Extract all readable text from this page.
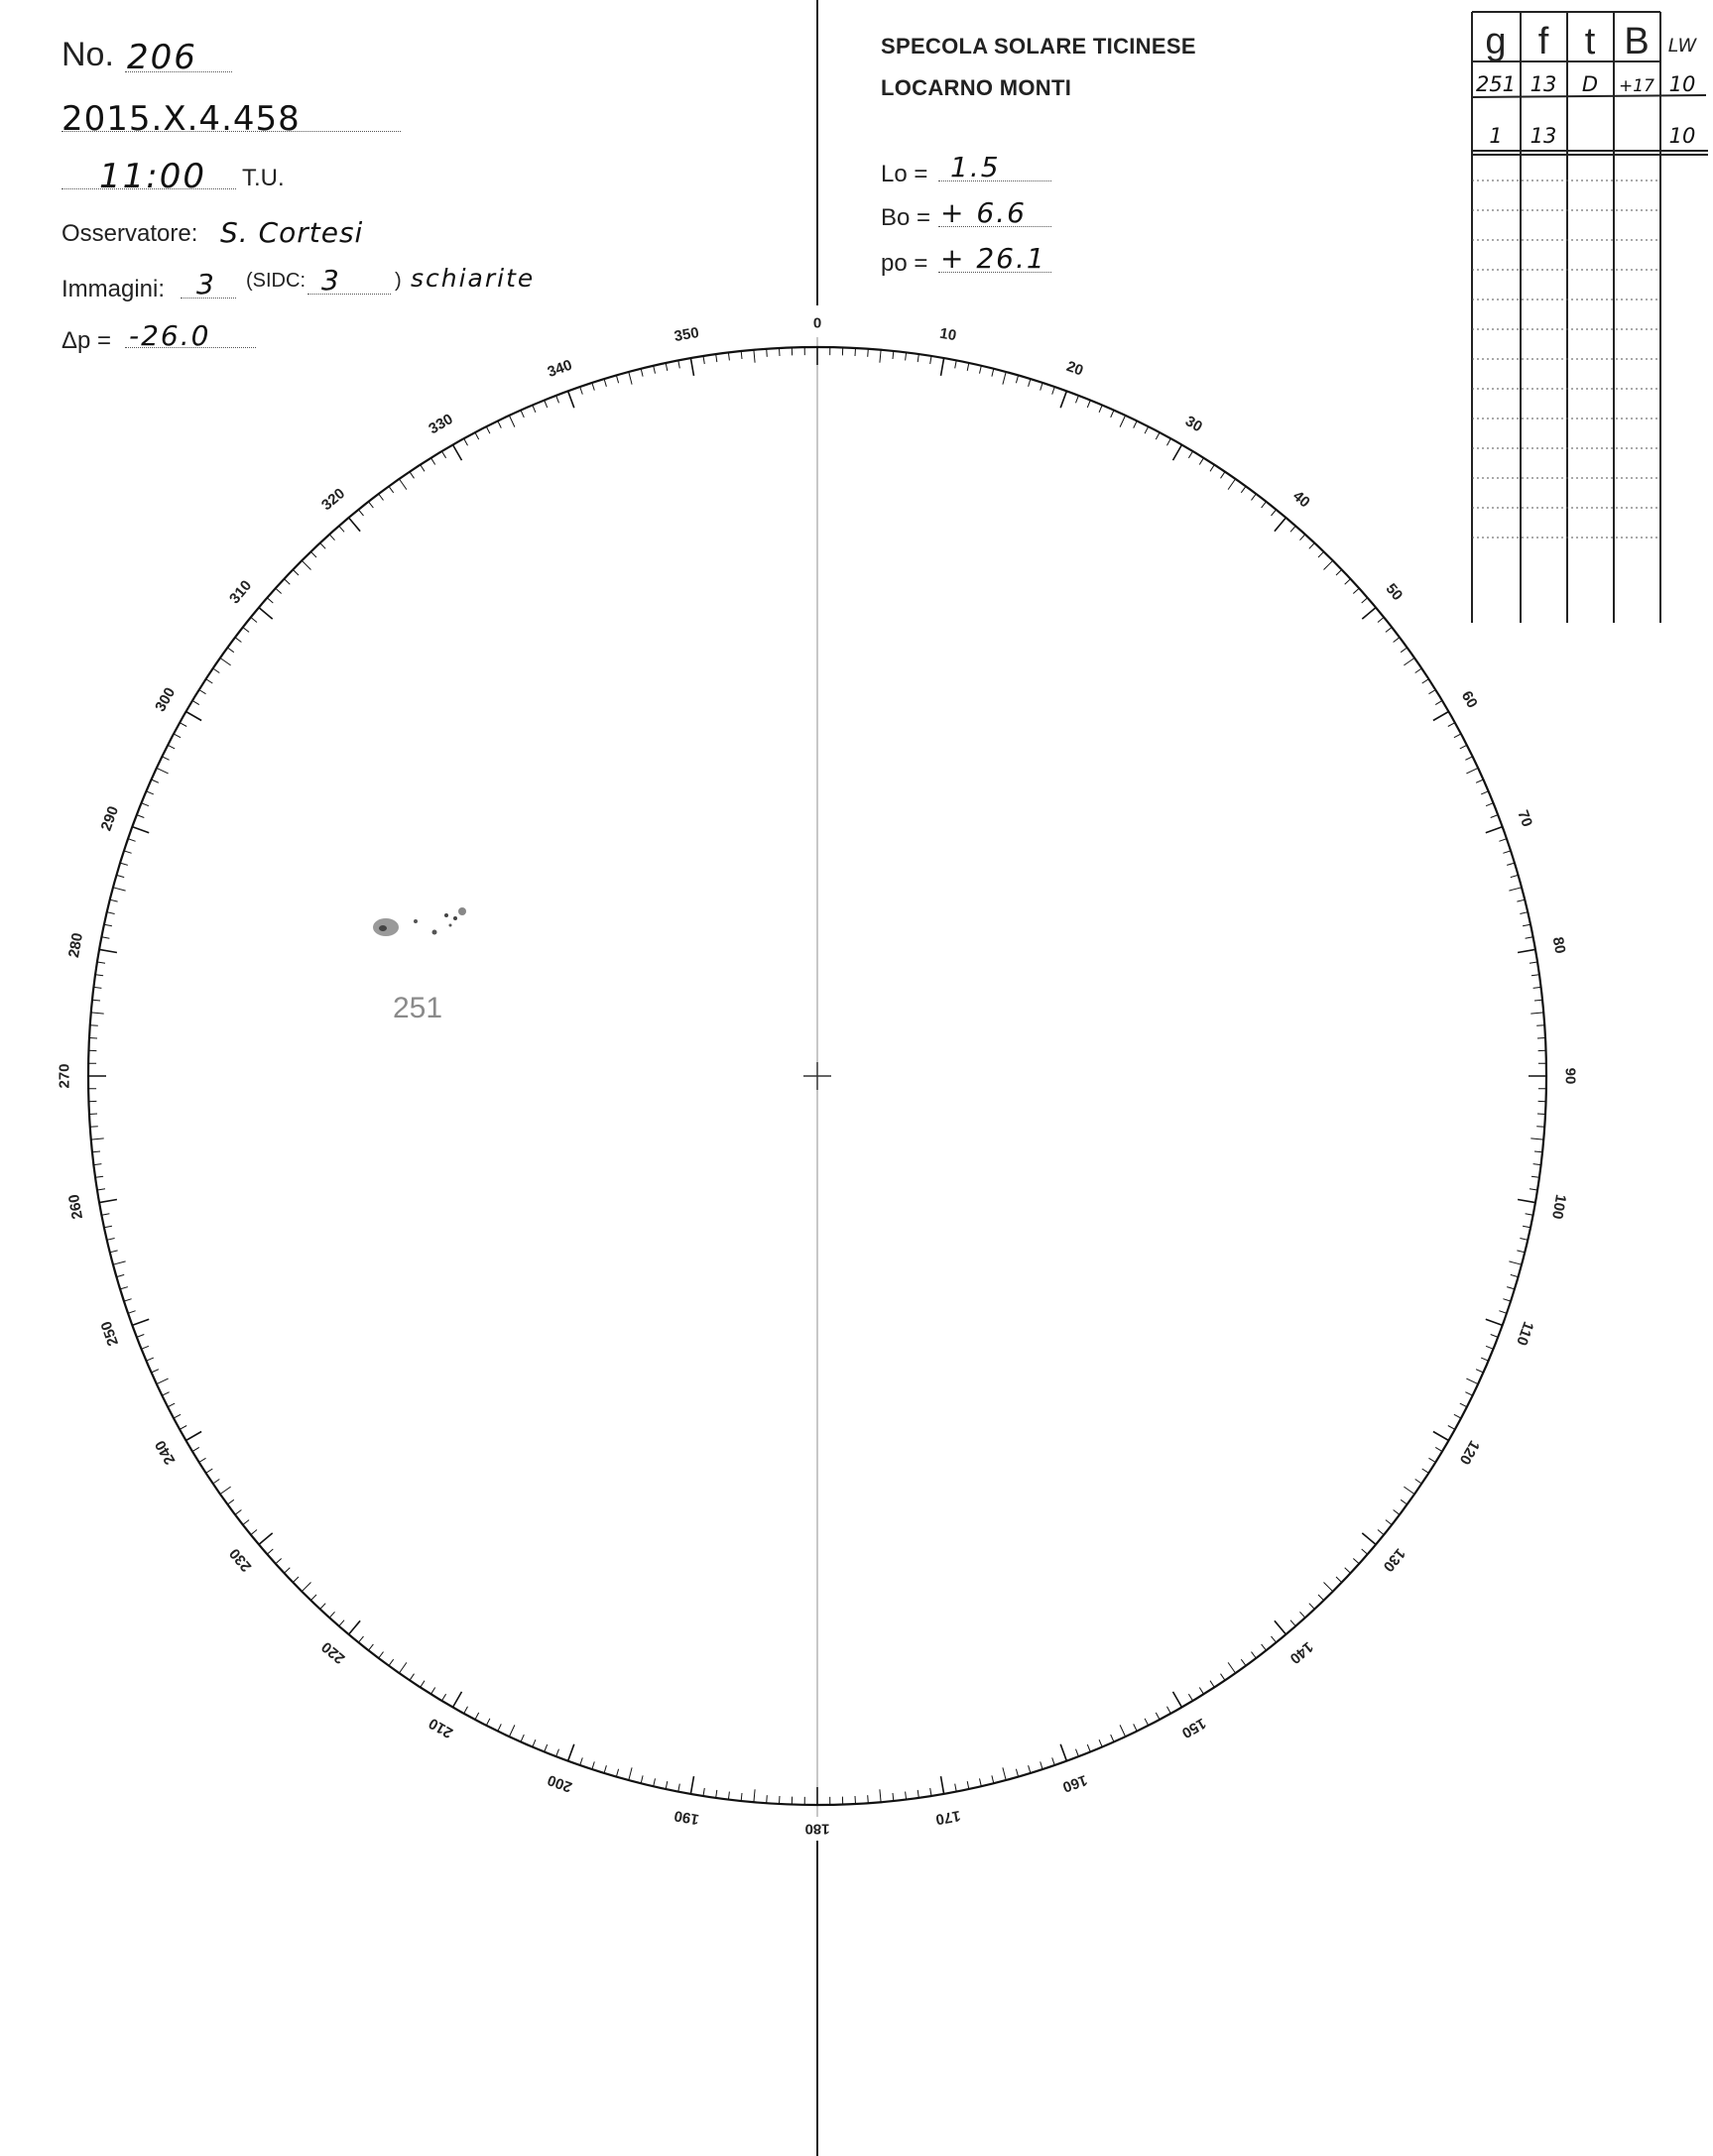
No. 206
2015.Ⅹ.4.458
11:00 T.U.
Osservatore: S. Cortesi
Immagini: 3 (SIDC: 3	) schiarite
Δp = -26.0
SPECOLA SOLARE TICINESE
LOCARNO MONTI
Lo = 1.5
Bo = + 6.6
po = + 26.1
g f t B LW
251 13 D +17 10
1 13	10
0
10
20
30
40
50
60
70
80
90
100
110
120
130
140
150
160
170
180
190
200
210
220
230
240
250
260
270
280
290
300
310
320
330
340
350
251
